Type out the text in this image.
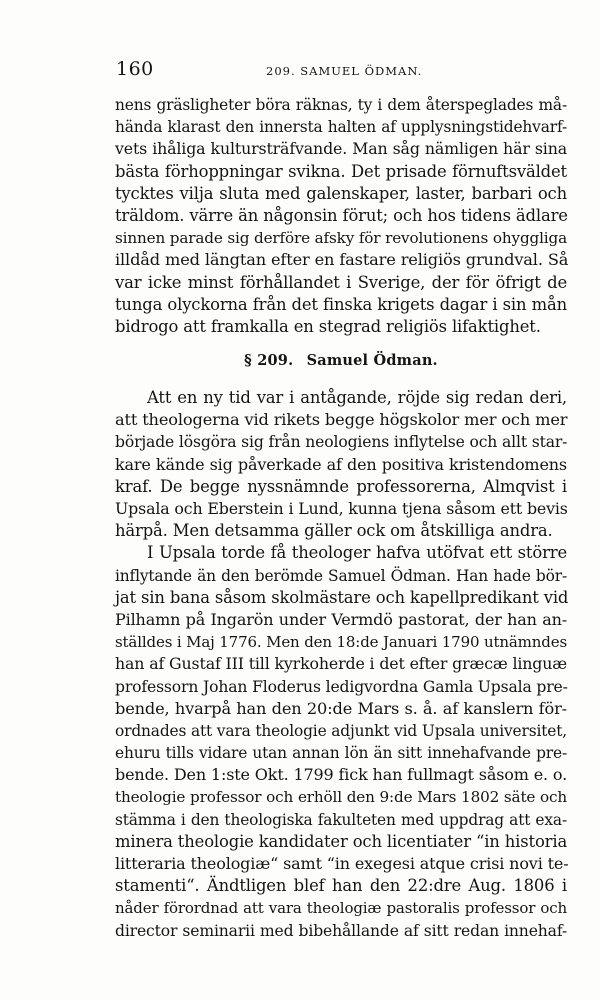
160	209. SAMUEL ÖDMAN.
nens gräsligheter böra räknas, ty i dem återspeglades må-
hända klarast den innersta halten af upplysningstidehvarf-
vets ihåliga kultursträfvande. Man såg nämligen här sina
bästa förhoppningar svikna. Det prisade förnuftsväldet
tycktes vilja sluta med galenskaper, laster, barbari och
träldom. värre än någonsin förut; och hos tidens ädlare
sinnen parade sig derföre afsky för revolutionens ohyggliga
illdåd med längtan efter en fastare religiös grundval. Så
var icke minst förhållandet i Sverige, der för öfrigt de
tunga olyckorna från det finska krigets dagar i sin mån
bidrogo att framkalla en stegrad religiös lifaktighet.
§ 209. Samuel Ödman.
Att en ny tid var i antågande, röjde sig redan deri,
att theologerna vid rikets begge högskolor mer och mer
började lösgöra sig från neologiens inflytelse och allt star-
kare kände sig påverkade af den positiva kristendomens
kraf. De begge nyssnämnde professorerna, Almqvist i
Upsala och Eberstein i Lund, kunna tjena såsom ett bevis
härpå. Men detsamma gäller ock om åtskilliga andra.
I Upsala torde få theologer hafva utöfvat ett större
inflytande än den berömde Samuel Ödman. Han hade bör-
jat sin bana såsom skolmästare och kapellpredikant vid
Pilhamn på Ingarön under Vermdö pastorat, der han an-
ställdes i Maj 1776. Men den 18:de Januari 1790 utnämndes
han af Gustaf III till kyrkoherde i det efter græcæ linguæ
professorn Johan Floderus ledigvordna Gamla Upsala pre-
bende, hvarpå han den 20:de Mars s. å. af kanslern för-
ordnades att vara theologie adjunkt vid Upsala universitet,
ehuru tills vidare utan annan lön än sitt innehafvande pre-
bende. Den 1:ste Okt. 1799 fick han fullmagt såsom e. o.
theologie professor och erhöll den 9:de Mars 1802 säte och
stämma i den theologiska fakulteten med uppdrag att exa-
minera theologie kandidater och licentiater “in historia
litteraria theologiæ“ samt “in exegesi atque crisi novi te-
stamenti“. Ändtligen blef han den 22:dre Aug. 1806 i
nåder förordnad att vara theologiæ pastoralis professor och
director seminarii med bibehållande af sitt redan innehaf-
